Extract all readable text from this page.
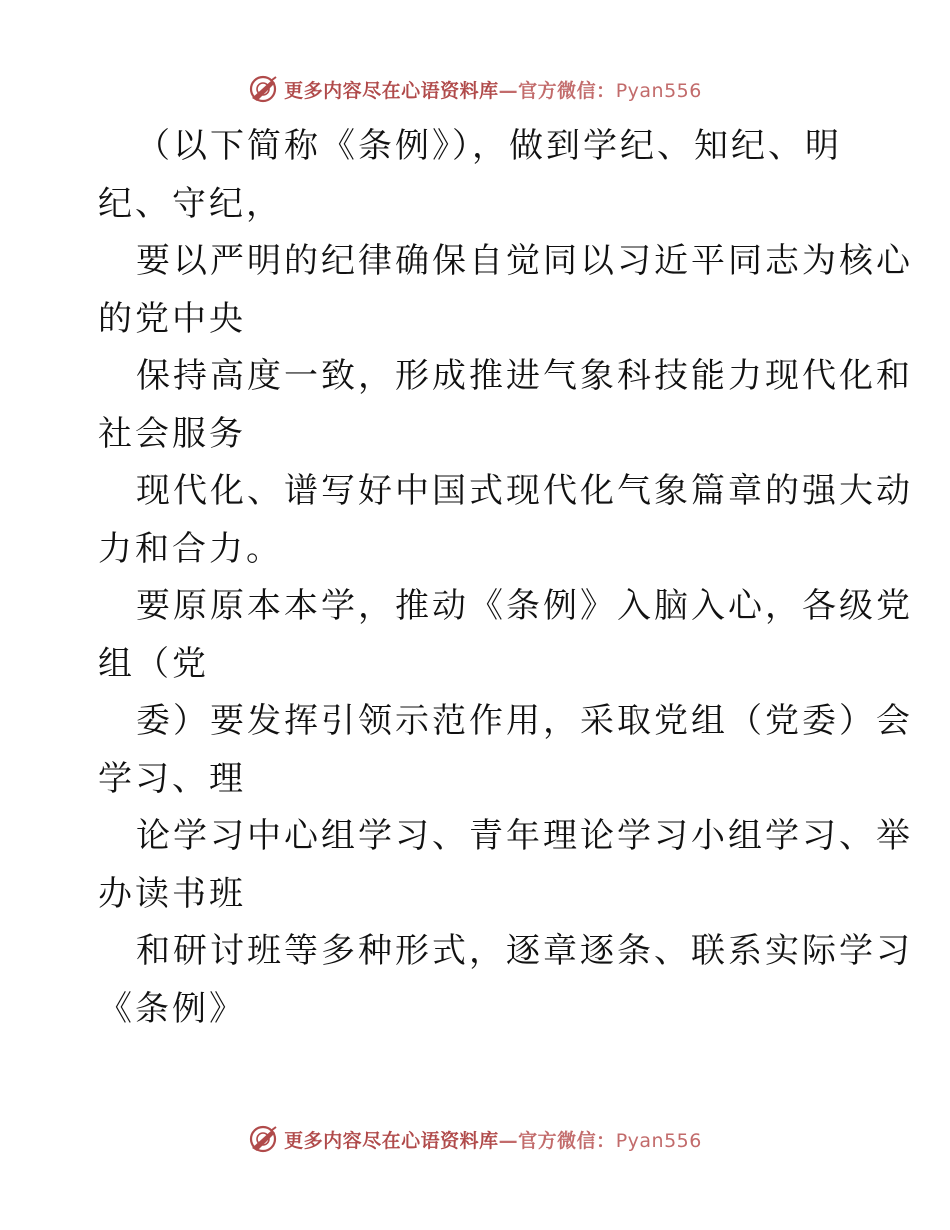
更多内容尽在心语资料库—官方微信：Pyan556
（以下简称《条例》），做到学纪、知纪、明
纪、守纪，
要以严明的纪律确保自觉同以习近平同志为核心
的党中央
保持高度一致，形成推进气象科技能力现代化和
社会服务
现代化、谱写好中国式现代化气象篇章的强大动
力和合力。
要原原本本学，推动《条例》入脑入心，各级党
组（党
委）要发挥引领示范作用，采取党组（党委）会
学习、理
论学习中心组学习、青年理论学习小组学习、举
办读书班
和研讨班等多种形式，逐章逐条、联系实际学习
《条例》
更多内容尽在心语资料库—官方微信：Pyan556
